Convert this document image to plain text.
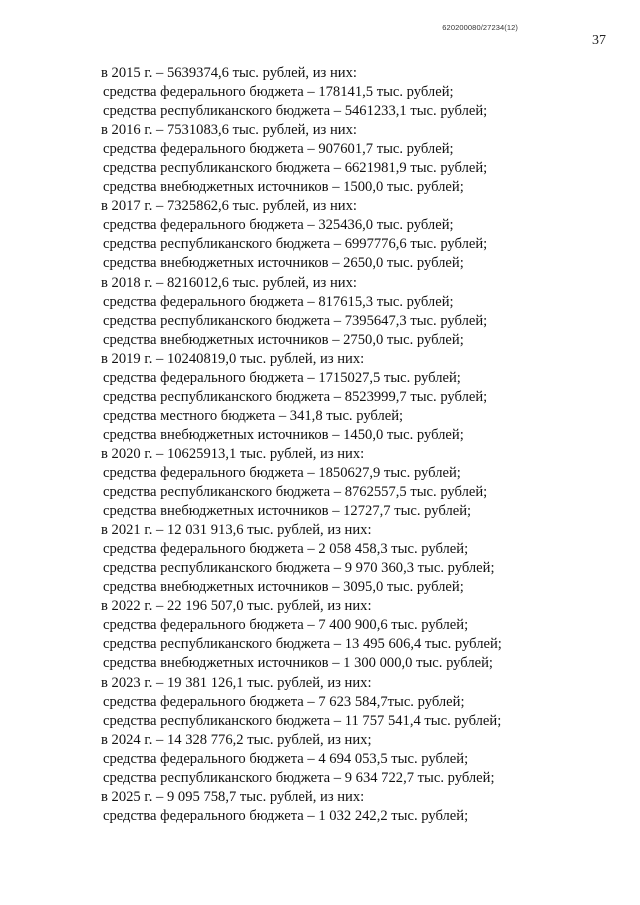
620200080/27234(12)
37
в 2015 г. – 5639374,6 тыс. рублей, из них:
средства федерального бюджета – 178141,5 тыс. рублей;
средства республиканского бюджета – 5461233,1 тыс. рублей;
в 2016 г. – 7531083,6 тыс. рублей, из них:
средства федерального бюджета – 907601,7 тыс. рублей;
средства республиканского бюджета – 6621981,9 тыс. рублей;
средства внебюджетных источников – 1500,0 тыс. рублей;
в 2017 г. – 7325862,6 тыс. рублей, из них:
средства федерального бюджета – 325436,0 тыс. рублей;
средства республиканского бюджета – 6997776,6 тыс. рублей;
средства внебюджетных источников – 2650,0 тыс. рублей;
в 2018 г. – 8216012,6 тыс. рублей, из них:
средства федерального бюджета – 817615,3 тыс. рублей;
средства республиканского бюджета – 7395647,3 тыс. рублей;
средства внебюджетных источников – 2750,0 тыс. рублей;
в 2019 г. – 10240819,0 тыс. рублей, из них:
средства федерального бюджета – 1715027,5 тыс. рублей;
средства республиканского бюджета – 8523999,7 тыс. рублей;
средства местного бюджета – 341,8 тыс. рублей;
средства внебюджетных источников – 1450,0 тыс. рублей;
в 2020 г. – 10625913,1 тыс. рублей, из них:
средства федерального бюджета – 1850627,9 тыс. рублей;
средства республиканского бюджета – 8762557,5 тыс. рублей;
средства внебюджетных источников – 12727,7 тыс. рублей;
в 2021 г. – 12 031 913,6 тыс. рублей, из них:
средства федерального бюджета – 2 058 458,3 тыс. рублей;
средства республиканского бюджета – 9 970 360,3 тыс. рублей;
средства внебюджетных источников – 3095,0 тыс. рублей;
в 2022 г. – 22 196 507,0 тыс. рублей, из них:
средства федерального бюджета – 7 400 900,6 тыс. рублей;
средства республиканского бюджета – 13 495 606,4 тыс. рублей;
средства внебюджетных источников – 1 300 000,0 тыс. рублей;
в 2023 г. – 19 381 126,1 тыс. рублей, из них:
средства федерального бюджета – 7 623 584,7тыс. рублей;
средства республиканского бюджета – 11 757 541,4 тыс. рублей;
в 2024 г. – 14 328 776,2 тыс. рублей, из них;
средства федерального бюджета – 4 694 053,5 тыс. рублей;
средства республиканского бюджета – 9 634 722,7 тыс. рублей;
в 2025 г. – 9 095 758,7 тыс. рублей, из них:
средства федерального бюджета – 1 032 242,2 тыс. рублей;
